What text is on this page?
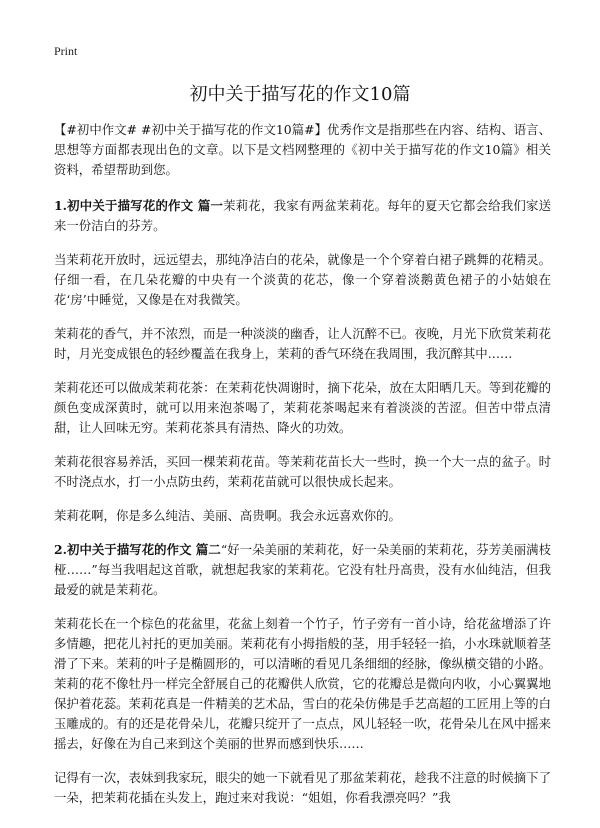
Print
初中关于描写花的作文10篇

【#初中作文# #初中关于描写花的作文10篇#】优秀作文是指那些在内容、结构、语言、思想等方面都表现出色的文章。以下是文档网整理的《初中关于描写花的作文10篇》相关资料，希望帮助到您。

1.初中关于描写花的作文 篇一茉莉花，我家有两盆茉莉花。每年的夏天它都会给我们家送来一份洁白的芬芳。

当茉莉花开放时，远远望去，那纯净洁白的花朵，就像是一个个穿着白裙子跳舞的花精灵。仔细一看，在几朵花瓣的中央有一个淡黄的花芯，像一个穿着淡鹅黄色裙子的小姑娘在花‘房’中睡觉，又像是在对我微笑。

茉莉花的香气，并不浓烈，而是一种淡淡的幽香，让人沉醉不已。夜晚，月光下欣赏茉莉花时，月光变成银色的轻纱覆盖在我身上，茉莉的香气环绕在我周围，我沉醉其中……

茉莉花还可以做成茉莉花茶：在茉莉花快凋谢时，摘下花朵，放在太阳晒几天。等到花瓣的颜色变成深黄时，就可以用来泡茶喝了，茉莉花茶喝起来有着淡淡的苦涩。但苦中带点清甜，让人回味无穷。茉莉花茶具有清热、降火的功效。

茉莉花很容易养活，买回一棵茉莉花苗。等茉莉花苗长大一些时，换一个大一点的盆子。时不时浇点水，打一小点防虫药，茉莉花苗就可以很快成长起来。

茉莉花啊，你是多么纯洁、美丽、高贵啊。我会永远喜欢你的。

2.初中关于描写花的作文 篇二“好一朵美丽的茉莉花，好一朵美丽的茉莉花，芬芳美丽满枝桠……”每当我唱起这首歌，就想起我家的茉莉花。它没有牡丹高贵，没有水仙纯洁，但我最爱的就是茉莉花。

茉莉花长在一个棕色的花盆里，花盆上刻着一个竹子，竹子旁有一首小诗，给花盆增添了许多情趣，把花儿衬托的更加美丽。茉莉花有小拇指般的茎，用手轻轻一掐，小水珠就顺着茎滑了下来。茉莉的叶子是椭圆形的，可以清晰的看见几条细细的经脉，像纵横交错的小路。茉莉的花不像牡丹一样完全舒展自己的花瓣供人欣赏，它的花瓣总是微向内收，小心翼翼地保护着花蕊。茉莉花真是一件精美的艺术品，雪白的花朵仿佛是手艺高超的工匠用上等的白玉雕成的。有的还是花骨朵儿，花瓣只绽开了一点点，风儿轻轻一吹，花骨朵儿在风中摇来摇去，好像在为自己来到这个美丽的世界而感到快乐……

记得有一次，表妹到我家玩，眼尖的她一下就看见了那盆茉莉花，趁我不注意的时候摘下了一朵，把茉莉花插在头发上，跑过来对我说：“姐姐，你看我漂亮吗？”我
